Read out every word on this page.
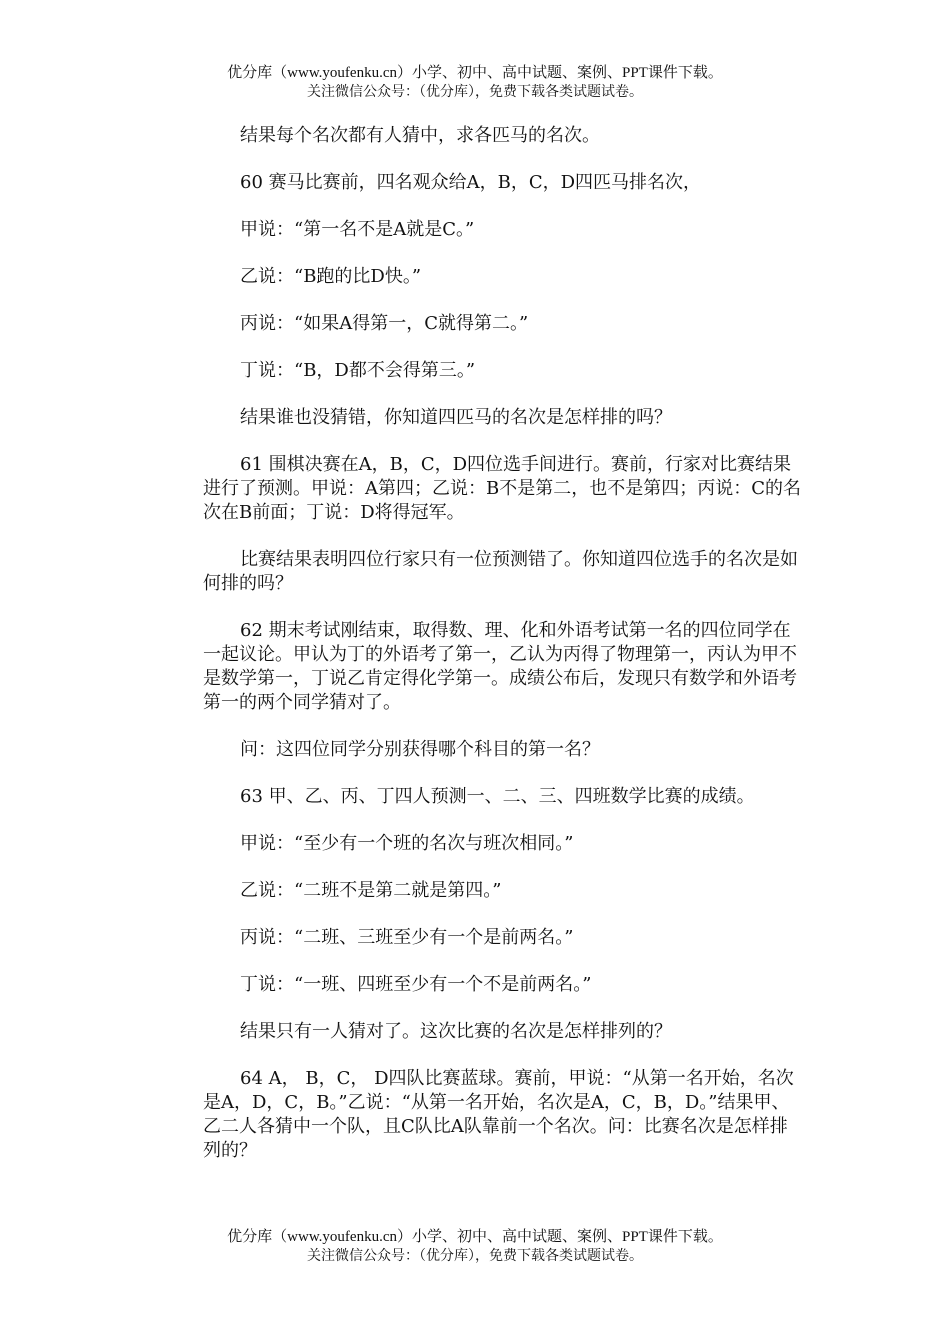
优分库（www.youfenku.cn）小学、初中、高中试题、案例、PPT课件下载。
关注微信公众号：（优分库），免费下载各类试题试卷。

结果每个名次都有人猜中，求各匹马的名次。

60 赛马比赛前，四名观众给A，B，C，D四匹马排名次，

甲说：“第一名不是A就是C。”

乙说：“B跑的比D快。”

丙说：“如果A得第一，C就得第二。”

丁说：“B，D都不会得第三。”

结果谁也没猜错，你知道四匹马的名次是怎样排的吗？

61 围棋决赛在A，B，C，D四位选手间进行。赛前，行家对比赛结果进行了预测。甲说：A第四；乙说：B不是第二，也不是第四；丙说：C的名次在B前面；丁说：D将得冠军。

比赛结果表明四位行家只有一位预测错了。你知道四位选手的名次是如何排的吗？

62 期末考试刚结束，取得数、理、化和外语考试第一名的四位同学在一起议论。甲认为丁的外语考了第一，乙认为丙得了物理第一，丙认为甲不是数学第一，丁说乙肯定得化学第一。成绩公布后，发现只有数学和外语考第一的两个同学猜对了。

问：这四位同学分别获得哪个科目的第一名？

63 甲、乙、丙、丁四人预测一、二、三、四班数学比赛的成绩。

甲说：“至少有一个班的名次与班次相同。”

乙说：“二班不是第二就是第四。”

丙说：“二班、三班至少有一个是前两名。”

丁说：“一班、四班至少有一个不是前两名。”

结果只有一人猜对了。这次比赛的名次是怎样排列的？

64 A， B，C， D四队比赛蓝球。赛前，甲说：“从第一名开始，名次是A，D，C，B。”乙说：“从第一名开始，名次是A，C，B，D。”结果甲、乙二人各猜中一个队，且C队比A队靠前一个名次。问：比赛名次是怎样排列的？

优分库（www.youfenku.cn）小学、初中、高中试题、案例、PPT课件下载。
关注微信公众号：（优分库），免费下载各类试题试卷。
